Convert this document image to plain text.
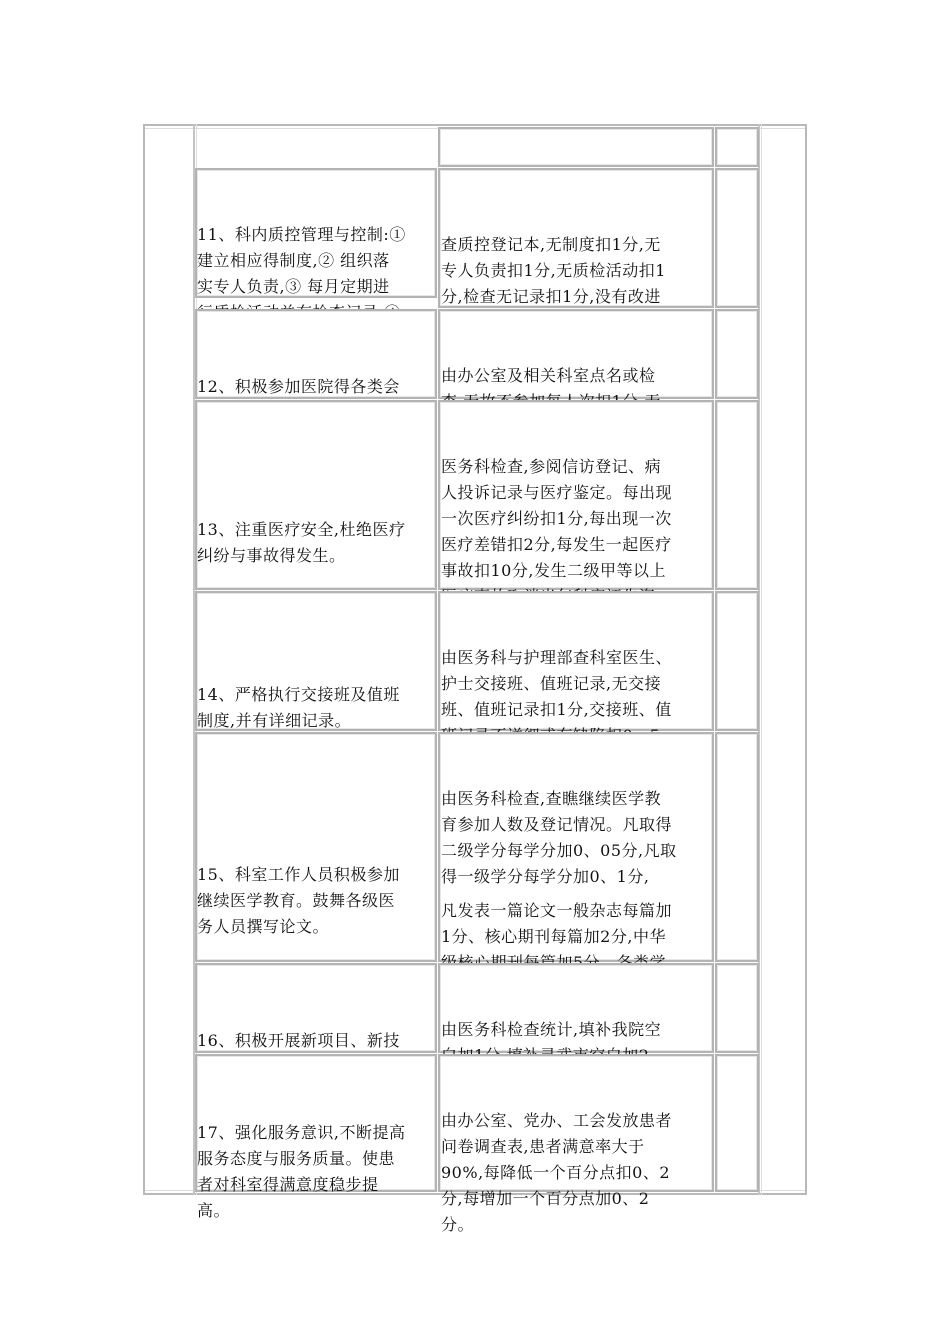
11、科内质控管理与控制:①
建立相应得制度,② 组织落
实专人负责,③ 每月定期进

查质控登记本,无制度扣1分,无
专人负责扣1分,无质检活动扣1
分,检查无记录扣1分,没有改进

12、积极参加医院得各类会

由办公室及相关科室点名或检

13、注重医疗安全,杜绝医疗
纠纷与事故得发生。

医务科检查,参阅信访登记、病
人投诉记录与医疗鉴定。每出现
一次医疗纠纷扣1分,每出现一次
医疗差错扣2分,每发生一起医疗
事故扣10分,发生二级甲等以上

14、严格执行交接班及值班
制度,并有详细记录。

由医务科与护理部查科室医生、
护士交接班、值班记录,无交接
班、值班记录扣1分,交接班、值

15、科室工作人员积极参加
继续医学教育。鼓舞各级医
务人员撰写论文。

由医务科检查,查瞧继续医学教
育参加人数及登记情况。凡取得
二级学分每学分加0、05分,凡取
得一级学分每学分加0、1分,

凡发表一篇论文一般杂志每篇加
1分、核心期刊每篇加2分,中华

16、积极开展新项目、新技

由医务科检查统计,填补我院空

17、强化服务意识,不断提高
服务态度与服务质量。使患
者对科室得满意度稳步提
高。

由办公室、党办、工会发放患者
问卷调查表,患者满意率大于
90%,每降低一个百分点扣0、2
分,每增加一个百分点加0、2
分。
